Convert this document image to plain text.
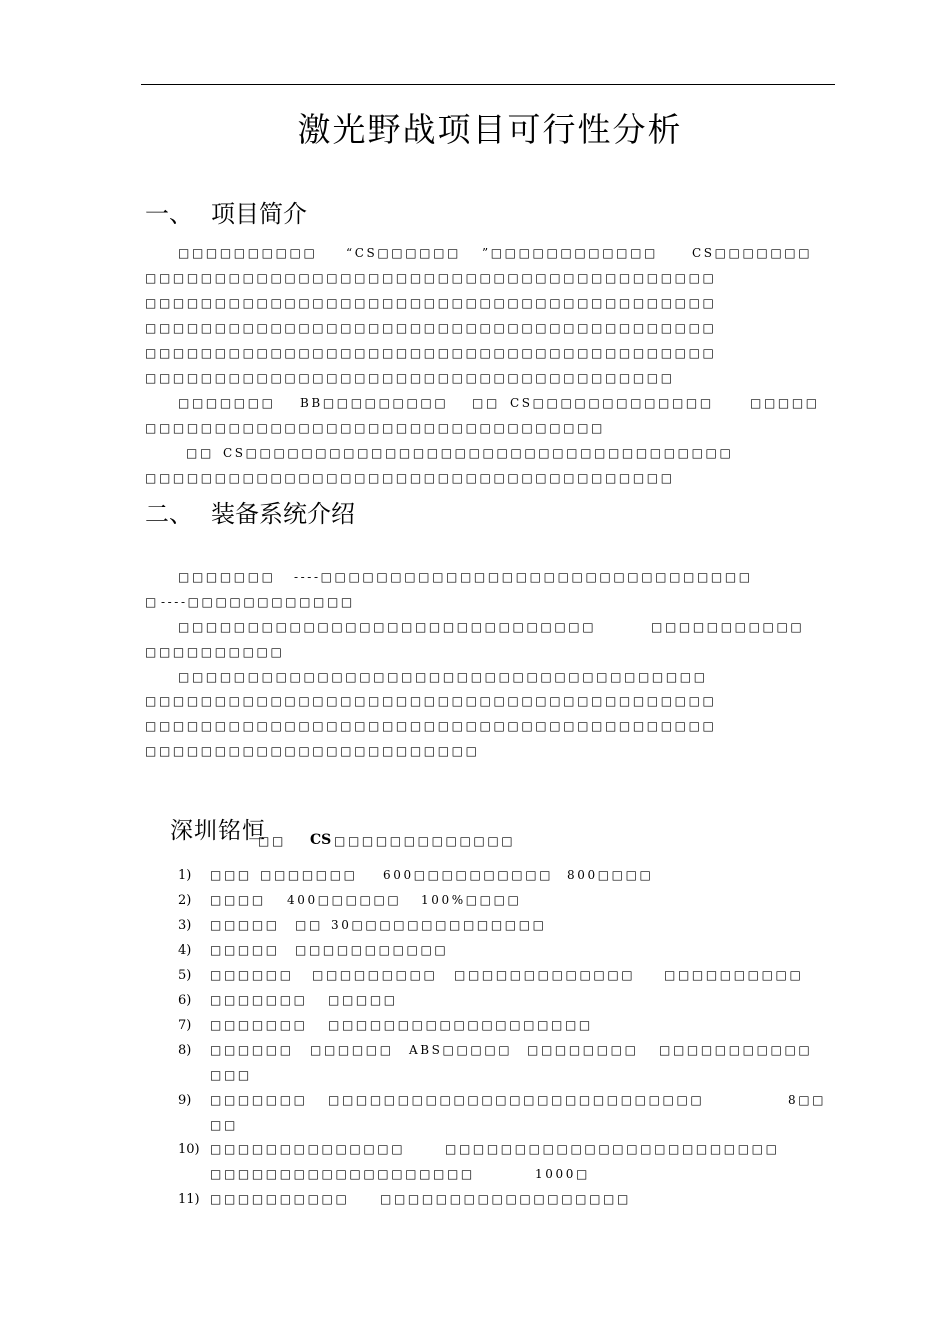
激光野战项目可行性分析
一、 项目简介
□□□□□□□□□□ “CS□□□□□□ ”□□□□□□□□□□□□	CS□□□□□□□
□□□□□□□□□□□□□□□□□□□□□□□□□□□□□□□□□□□□□□□□□
□□□□□□□□□□□□□□□□□□□□□□□□□□□□□□□□□□□□□□□□□
□□□□□□□□□□□□□□□□□□□□□□□□□□□□□□□□□□□□□□□□□
□□□□□□□□□□□□□□□□□□□□□□□□□□□□□□□□□□□□□□□□□
□□□□□□□□□□□□□□□□□□□□□□□□□□□□□□□□□□□□□□
□□□□□□□ BB□□□□□□□□□ □□ CS□□□□□□□□□□□□□	□□□□□
□□□□□□□□□□□□□□□□□□□□□□□□□□□□□□□□□
□□ CS□□□□□□□□□□□□□□□□□□□□□□□□□□□□□□□□□□□
□□□□□□□□□□□□□□□□□□□□□□□□□□□□□□□□□□□□□□
二、 装备系统介绍
□□□□□□□ ----□□□□□□□□□□□□□□□□□□□□□□□□□□□□□□□
□ ----□□□□□□□□□□□□
□□□□□□□□□□□□□□□□□□□□□□□□□□□□□□	□□□□□□□□□□□
□□□□□□□□□□
□□□□□□□□□□□□□□□□□□□□□□□□□□□□□□□□□□□□□□
□□□□□□□□□□□□□□□□□□□□□□□□□□□□□□□□□□□□□□□□□
□□□□□□□□□□□□□□□□□□□□□□□□□□□□□□□□□□□□□□□□□
□□□□□□□□□□□□□□□□□□□□□□□□
深圳铭恒
□□ CS □□□□□□□□□□□□□
1) □□□ □□□□□□□ 600□□□□□□□□□□ 800□□□□
2) □□□□ 400□□□□□□ 100%□□□□
3) □□□□□ □□ 30□□□□□□□□□□□□□□
4) □□□□□ □□□□□□□□□□□
5) □□□□□□ □□□□□□□□□ □□□□□□□□□□□□□ □□□□□□□□□□
6) □□□□□□□ □□□□□
7) □□□□□□□ □□□□□□□□□□□□□□□□□□□
8) □□□□□□ □□□□□□ ABS□□□□□ □□□□□□□□ □□□□□□□□□□□
□□□
9) □□□□□□□ □□□□□□□□□□□□□□□□□□□□□□□□□□□	8□□
□□
10) □□□□□□□□□□□□□□	□□□□□□□□□□□□□□□□□□□□□□□□
□□□□□□□□□□□□□□□□□□□	1000□
11) □□□□□□□□□□	□□□□□□□□□□□□□□□□□□
